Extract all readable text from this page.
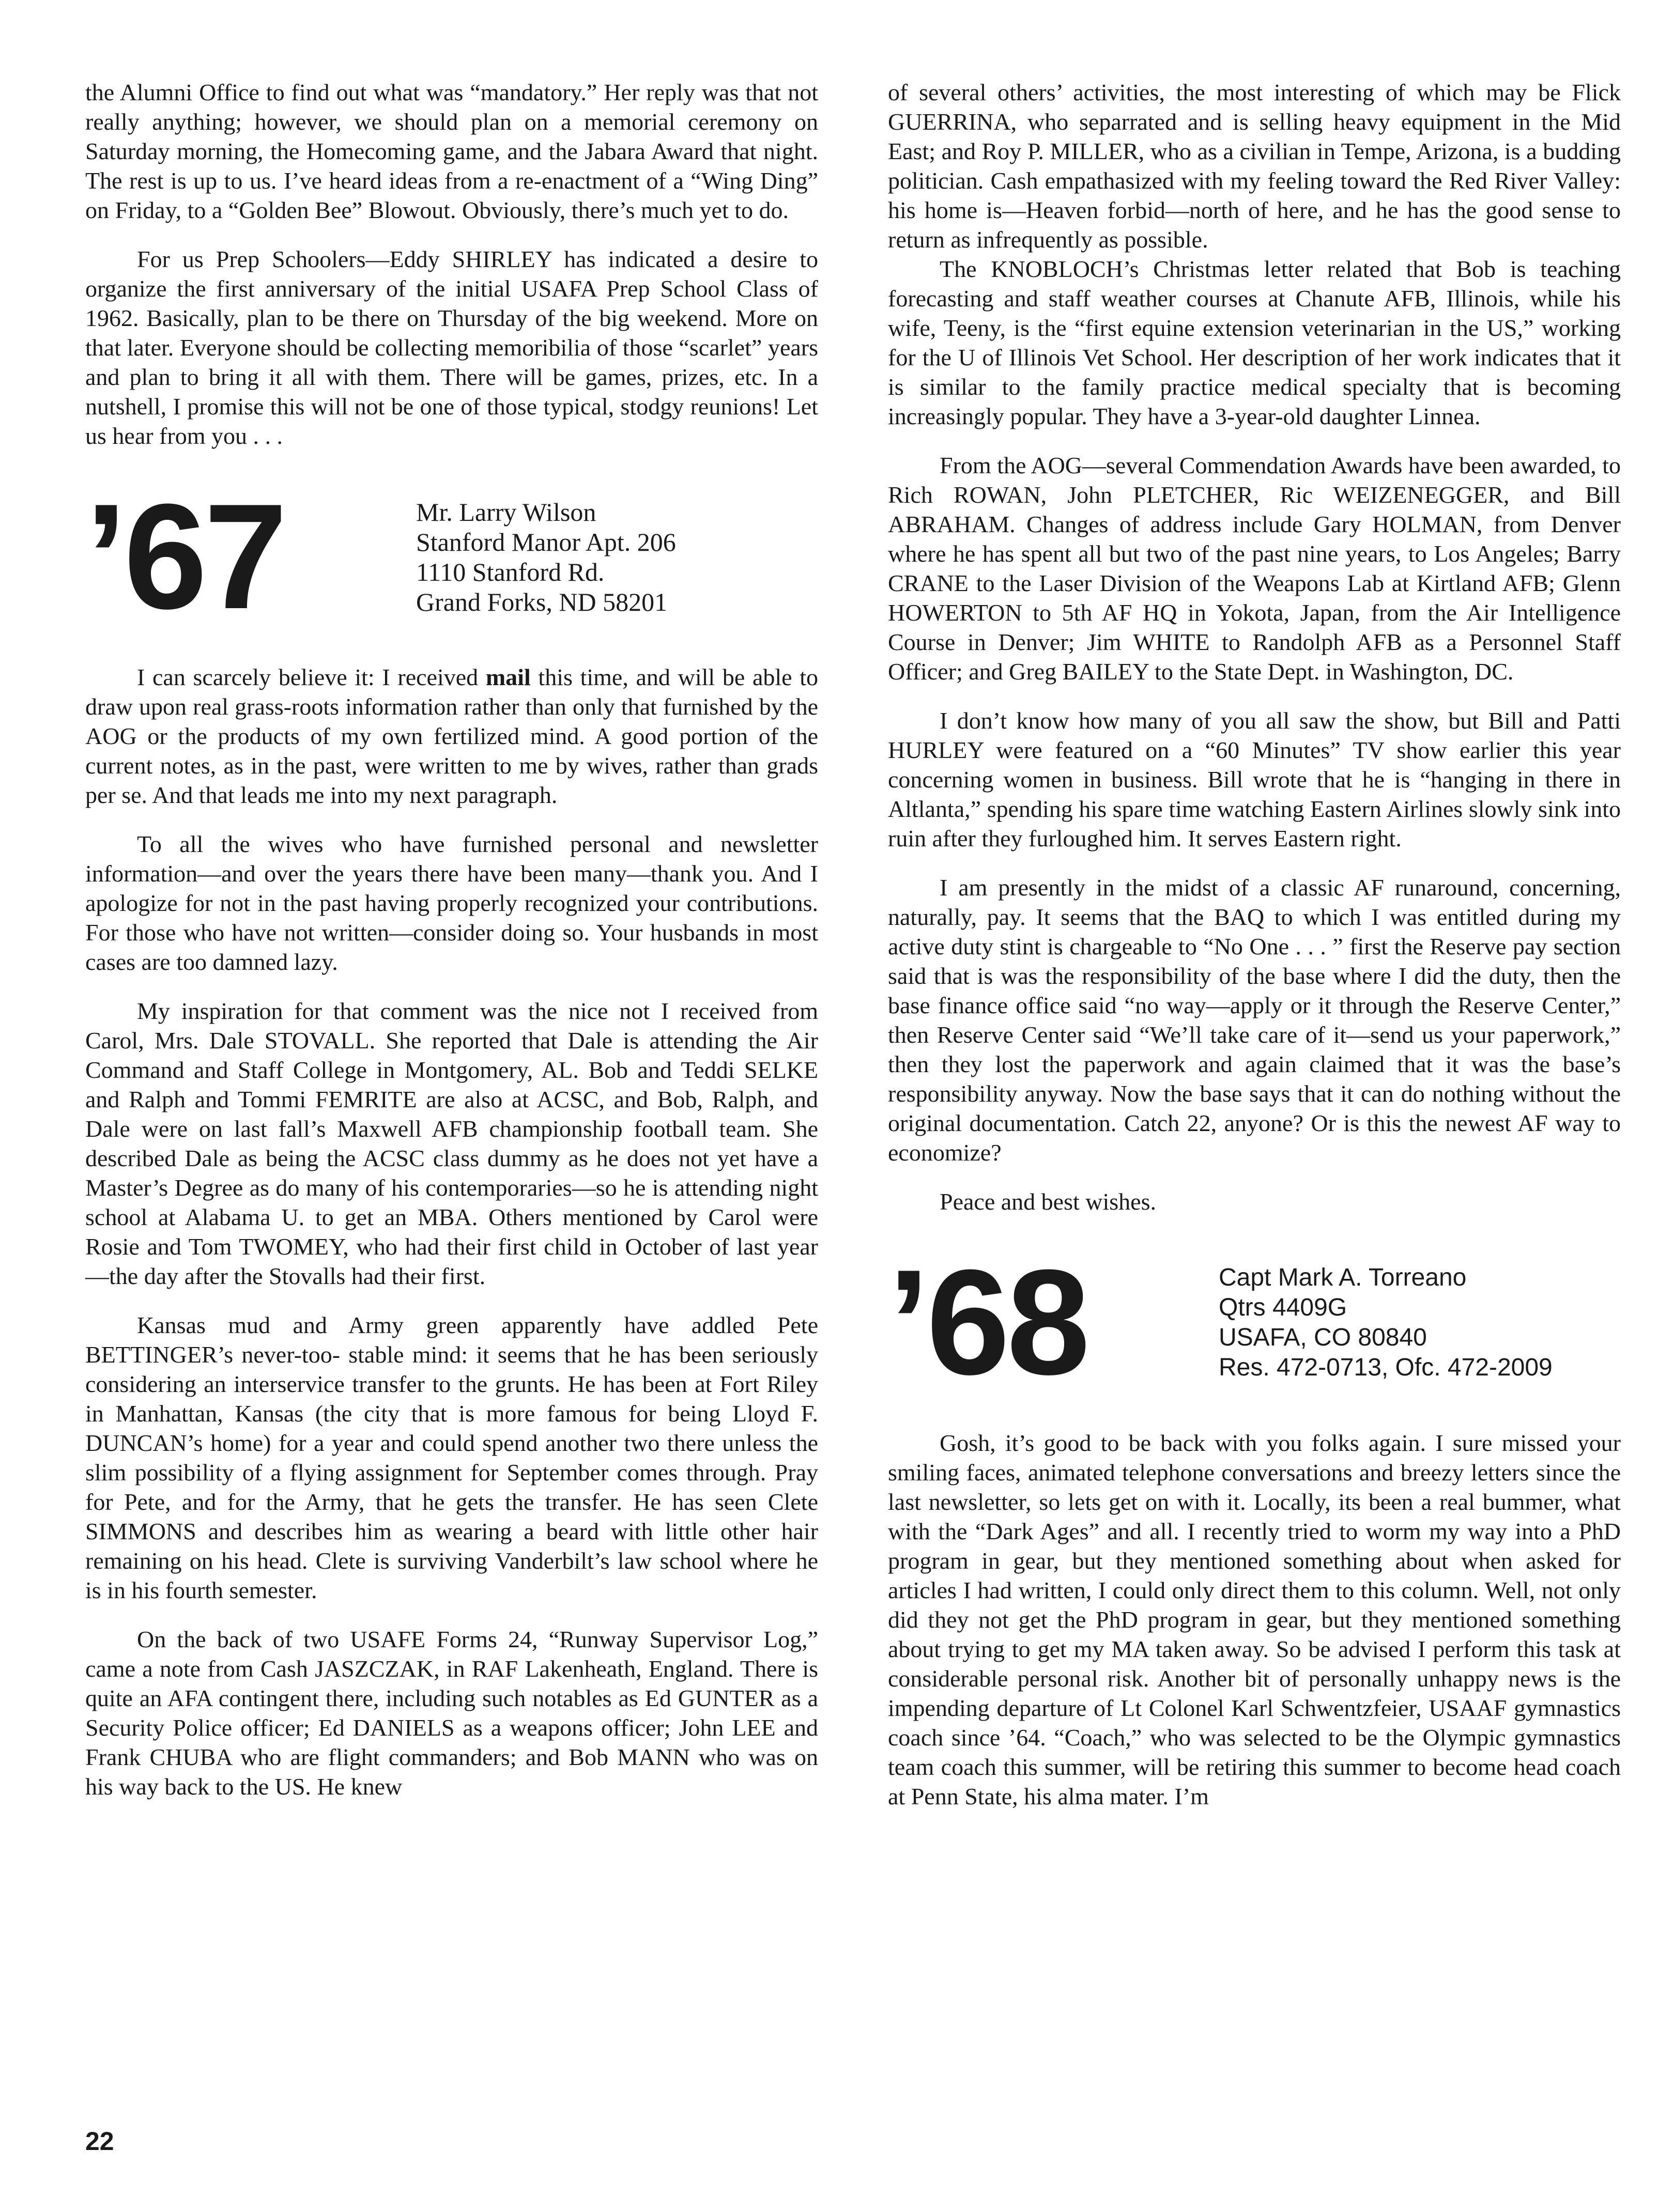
the Alumni Office to find out what was “mandatory.” Her reply was that not really anything; however, we should plan on a memorial ceremony on Saturday morning, the Homecoming game, and the Jabara Award that night. The rest is up to us. I’ve heard ideas from a re-enactment of a “Wing Ding” on Friday, to a “Golden Bee” Blowout. Obviously, there’s much yet to do.

For us Prep Schoolers—Eddy SHIRLEY has indicated a desire to organize the first anniversary of the initial USAFA Prep School Class of 1962. Basically, plan to be there on Thursday of the big weekend. More on that later. Everyone should be collecting memoribilia of those “scarlet” years and plan to bring it all with them. There will be games, prizes, etc. In a nutshell, I promise this will not be one of those typical, stodgy reunions! Let us hear from you . . .

’67	Mr. Larry Wilson
Stanford Manor Apt. 206
1110 Stanford Rd.
Grand Forks, ND 58201

I can scarcely believe it: I received mail this time, and will be able to draw upon real grass-roots information rather than only that furnished by the AOG or the products of my own fertilized mind. A good portion of the current notes, as in the past, were written to me by wives, rather than grads per se. And that leads me into my next paragraph.

To all the wives who have furnished personal and newsletter information—and over the years there have been many—thank you. And I apologize for not in the past having properly recognized your contributions. For those who have not written—consider doing so. Your husbands in most cases are too damned lazy.

My inspiration for that comment was the nice not I received from Carol, Mrs. Dale STOVALL. She reported that Dale is attending the Air Command and Staff College in Montgomery, AL. Bob and Teddi SELKE and Ralph and Tommi FEMRITE are also at ACSC, and Bob, Ralph, and Dale were on last fall’s Maxwell AFB championship football team. She described Dale as being the ACSC class dummy as he does not yet have a Master’s Degree as do many of his contemporaries—so he is attending night school at Alabama U. to get an MBA. Others mentioned by Carol were Rosie and Tom TWOMEY, who had their first child in October of last year—the day after the Stovalls had their first.

Kansas mud and Army green apparently have addled Pete BETTINGER’s never-too- stable mind: it seems that he has been seriously considering an interservice transfer to the grunts. He has been at Fort Riley in Manhattan, Kansas (the city that is more famous for being Lloyd F. DUNCAN’s home) for a year and could spend another two there unless the slim possibility of a flying assignment for September comes through. Pray for Pete, and for the Army, that he gets the transfer. He has seen Clete SIMMONS and describes him as wearing a beard with little other hair remaining on his head. Clete is surviving Vanderbilt’s law school where he is in his fourth semester.

On the back of two USAFE Forms 24, “Runway Supervisor Log,” came a note from Cash JASZCZAK, in RAF Lakenheath, England. There is quite an AFA contingent there, including such notables as Ed GUNTER as a Security Police officer; Ed DANIELS as a weapons officer; John LEE and Frank CHUBA who are flight commanders; and Bob MANN who was on his way back to the US. He knew

of several others’ activities, the most interesting of which may be Flick GUERRINA, who separrated and is selling heavy equipment in the Mid East; and Roy P. MILLER, who as a civilian in Tempe, Arizona, is a budding politician. Cash empathasized with my feeling toward the Red River Valley: his home is—Heaven forbid—north of here, and he has the good sense to return as infrequently as possible.

The KNOBLOCH’s Christmas letter related that Bob is teaching forecasting and staff weather courses at Chanute AFB, Illinois, while his wife, Teeny, is the “first equine extension veterinarian in the US,” working for the U of Illinois Vet School. Her description of her work indicates that it is similar to the family practice medical specialty that is becoming increasingly popular. They have a 3-year-old daughter Linnea.

From the AOG—several Commendation Awards have been awarded, to Rich ROWAN, John PLETCHER, Ric WEIZENEGGER, and Bill ABRAHAM. Changes of address include Gary HOLMAN, from Denver where he has spent all but two of the past nine years, to Los Angeles; Barry CRANE to the Laser Division of the Weapons Lab at Kirtland AFB; Glenn HOWERTON to 5th AF HQ in Yokota, Japan, from the Air Intelligence Course in Denver; Jim WHITE to Randolph AFB as a Personnel Staff Officer; and Greg BAILEY to the State Dept. in Washington, DC.

I don’t know how many of you all saw the show, but Bill and Patti HURLEY were featured on a “60 Minutes” TV show earlier this year concerning women in business. Bill wrote that he is “hanging in there in Altlanta,” spending his spare time watching Eastern Airlines slowly sink into ruin after they furloughed him. It serves Eastern right.

I am presently in the midst of a classic AF runaround, concerning, naturally, pay. It seems that the BAQ to which I was entitled during my active duty stint is chargeable to “No One . . . ” first the Reserve pay section said that is was the responsibility of the base where I did the duty, then the base finance office said “no way—apply or it through the Reserve Center,” then Reserve Center said “We’ll take care of it—send us your paperwork,” then they lost the paperwork and again claimed that it was the base’s responsibility anyway. Now the base says that it can do nothing without the original documentation. Catch 22, anyone? Or is this the newest AF way to economize?

Peace and best wishes.

’68	Capt Mark A. Torreano
Qtrs 4409G
USAFA, CO 80840
Res. 472-0713, Ofc. 472-2009

Gosh, it’s good to be back with you folks again. I sure missed your smiling faces, animated telephone conversations and breezy letters since the last newsletter, so lets get on with it. Locally, its been a real bummer, what with the “Dark Ages” and all. I recently tried to worm my way into a PhD program in gear, but they mentioned something about when asked for articles I had written, I could only direct them to this column. Well, not only did they not get the PhD program in gear, but they mentioned something about trying to get my MA taken away. So be advised I perform this task at considerable personal risk. Another bit of personally unhappy news is the impending departure of Lt Colonel Karl Schwentzfeier, USAAF gymnastics coach since ’64. “Coach,” who was selected to be the Olympic gymnastics team coach this summer, will be retiring this summer to become head coach at Penn State, his alma mater. I’m

22
